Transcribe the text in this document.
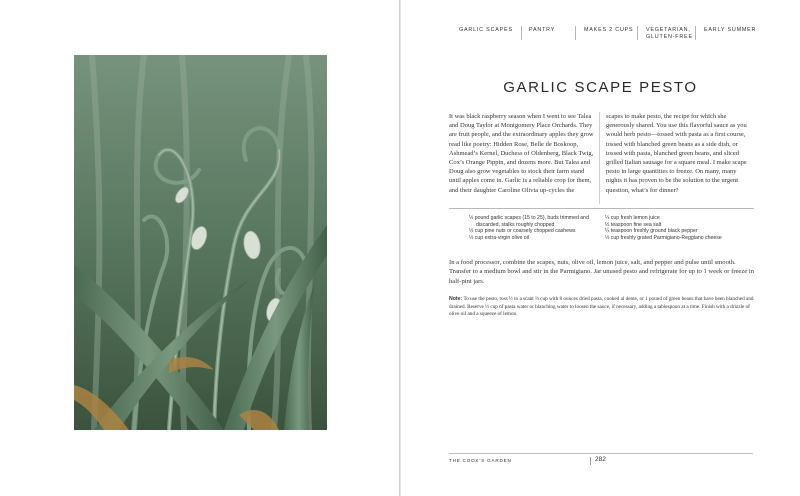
GARLIC SCAPES	PANTRY	MAKES 2 CUPS VEGETARIAN, GLUTEN-FREE
EARLY SUMMER
GARLIC SCAPE PESTO
It was black raspberry season when I went to see Talea and Doug Taylor at Montgomery Place Orchards. They are fruit people, and the extraordinary apples they grow read like poetry: Hidden Rose, Belle de Boskoop, Ashmead’s Kernel, Duchess of Oldenberg, Black Twig, Cox’s Orange Pippin, and dozens more. But Talea and Doug also grow vegetables to stock their farm stand until apples come in. Garlic is a reliable crop for them, and their daughter Caroline Olivia up-cycles the
scapes to make pesto, the recipe for which she generously shared. You use this flavorful sauce as you would herb pesto—tossed with pasta as a first course, tossed with blanched green beans as a side dish, or tossed with pasta, blanched green beans, and sliced grilled Italian sausage for a square meal. I make scape pesto in large quantities to freeze. On many, many nights it has proven to be the solution to the urgent question, what’s for dinner?
½ pound garlic scapes (15 to 25), buds trimmed and discarded, stalks roughly chopped
⅓ cup pine nuts or coarsely chopped cashews
⅓ cup extra-virgin olive oil
¼ cup fresh lemon juice
½ teaspoon fine sea salt
¼ teaspoon freshly ground black pepper
⅓ cup freshly grated Parmigiano-Reggiano cheese
In a food processor, combine the scapes, nuts, olive oil, lemon juice, salt, and pepper and pulse until smooth. Transfer to a medium bowl and stir in the Parmigiano. Jar unused pesto and refrigerate for up to 1 week or freeze in half-pint jars.
Note: To use the pesto, toss ½ to a scant ⅔ cup with 8 ounces dried pasta, cooked al dente, or 1 pound of green beans that have been blanched and drained. Reserve ½ cup of pasta water or blanching water to loosen the sauce, if necessary, adding a tablespoon at a time. Finish with a drizzle of olive oil and a squeeze of lemon.
THE COOK’S GARDEN	282
